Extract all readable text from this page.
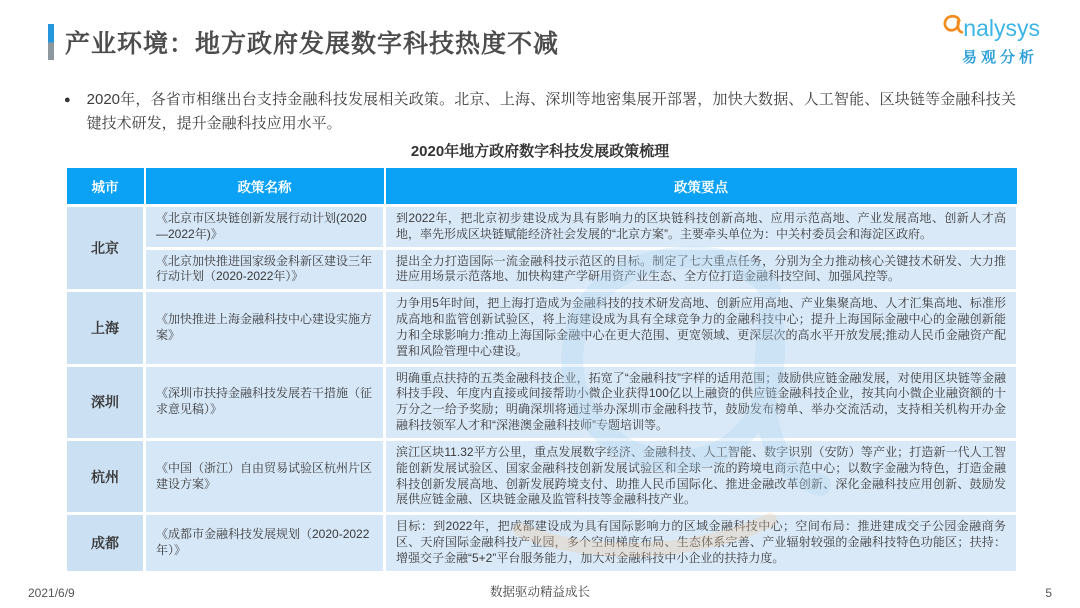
产业环境：地方政府发展数字科技热度不减
nalysys
易观分析
● 2020年，各省市相继出台支持金融科技发展相关政策。北京、上海、深圳等地密集展开部署，加快大数据、人工智能、区块链等金融科技关键技术研发，提升金融科技应用水平。
2020年地方政府数字科技发展政策梳理
城市	政策名称	政策要点
北京	《北京市区块链创新发展行动计划(2020—2022年)》	到2022年，把北京初步建设成为具有影响力的区块链科技创新高地、应用示范高地、产业发展高地、创新人才高地，率先形成区块链赋能经济社会发展的“北京方案”。主要牵头单位为：中关村委员会和海淀区政府。
	《北京加快推进国家级金科新区建设三年行动计划（2020-2022年）》	提出全力打造国际一流金融科技示范区的目标。制定了七大重点任务，分别为全力推动核心关键技术研发、大力推进应用场景示范落地、加快构建产学研用资产业生态、全方位打造金融科技空间、加强风控等。
上海	《加快推进上海金融科技中心建设实施方案》	力争用5年时间，把上海打造成为金融科技的技术研发高地、创新应用高地、产业集聚高地、人才汇集高地、标准形成高地和监管创新试验区，将上海建设成为具有全球竞争力的金融科技中心；提升上海国际金融中心的金融创新能力和全球影响力:推动上海国际金融中心在更大范围、更宽领域、更深层次的高水平开放发展;推动人民币金融资产配置和风险管理中心建设。
深圳	《深圳市扶持金融科技发展若干措施（征求意见稿）》	明确重点扶持的五类金融科技企业，拓宽了“金融科技”字样的适用范围；鼓励供应链金融发展，对使用区块链等金融科技手段、年度内直接或间接帮助小微企业获得100亿以上融资的供应链金融科技企业，按其向小微企业融资额的十万分之一给予奖励；明确深圳将通过举办深圳市金融科技节，鼓励发布榜单、举办交流活动，支持相关机构开办金融科技领军人才和“深港澳金融科技师”专题培训等。
杭州	《中国（浙江）自由贸易试验区杭州片区建设方案》	滨江区块11.32平方公里，重点发展数字经济、金融科技、人工智能、数字识别（安防）等产业；打造新一代人工智能创新发展试验区、国家金融科技创新发展试验区和全球一流的跨境电商示范中心；以数字金融为特色，打造金融科技创新发展高地、创新发展跨境支付、助推人民币国际化、推进金融改革创新、深化金融科技应用创新、鼓励发展供应链金融、区块链金融及监管科技等金融科技产业。
成都	《成都市金融科技发展规划（2020-2022年）》	目标：到2022年，把成都建设成为具有国际影响力的区域金融科技中心；空间布局：推进建成交子公园金融商务区、天府国际金融科技产业园，多个空间梯度布局、生态体系完善、产业辐射较强的金融科技特色功能区；扶持：增强交子金融“5+2”平台服务能力，加大对金融科技中小企业的扶持力度。
2021/6/9	数据驱动精益成长	5
